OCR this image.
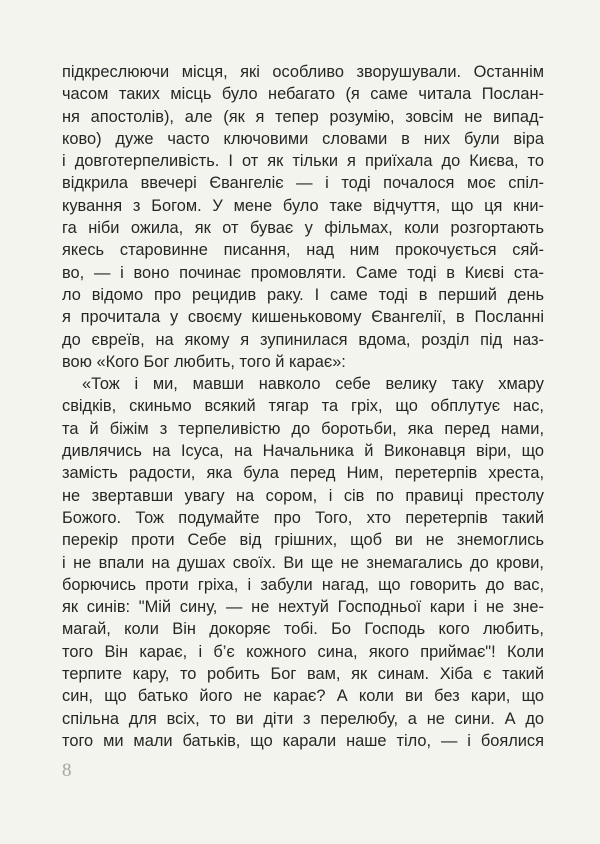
підкреслюючи місця, які особливо зворушували. Останнім
часом таких місць було небагато (я саме читала Послан-
ня апостолів), але (як я тепер розумію, зовсім не випад-
ково) дуже часто ключовими словами в них були віра
і довготерпеливість. І от як тільки я приїхала до Києва, то
відкрила ввечері Євангеліє — і тоді почалося моє спіл-
кування з Богом. У мене було таке відчуття, що ця кни-
га ніби ожила, як от буває у фільмах, коли розгортають
якесь старовинне писання, над ним прокочується сяй-
во, — і воно починає промовляти. Саме тоді в Києві ста-
ло відомо про рецидив раку. І саме тоді в перший день
я прочитала у своєму кишеньковому Євангелії, в Посланні
до євреїв, на якому я зупинилася вдома, розділ під наз-
вою «Кого Бог любить, того й карає»:
«Тож і ми, мавши навколо себе велику таку хмару
свідків, скиньмо всякий тягар та гріх, що обплутує нас,
та й біжім з терпеливістю до боротьби, яка перед нами,
дивлячись на Ісуса, на Начальника й Виконавця віри, що
замість радости, яка була перед Ним, перетерпів хреста,
не звертавши увагу на сором, і сів по правиці престолу
Божого. Тож подумайте про Того, хто перетерпів такий
перекір проти Себе від грішних, щоб ви не знемоглись
і не впали на душах своїх. Ви ще не знемагались до крови,
борючись проти гріха, і забули нагад, що говорить до вас,
як синів: "Мій сину, — не нехтуй Господньої кари і не зне-
магай, коли Він докоряє тобі. Бо Господь кого любить,
того Він карає, і б’є кожного сина, якого приймає"! Коли
терпите кару, то робить Бог вам, як синам. Хіба є такий
син, що батько його не карає? А коли ви без кари, що
спільна для всіх, то ви діти з перелюбу, а не сини. А до
того ми мали батьків, що карали наше тіло, — і боялися
8
